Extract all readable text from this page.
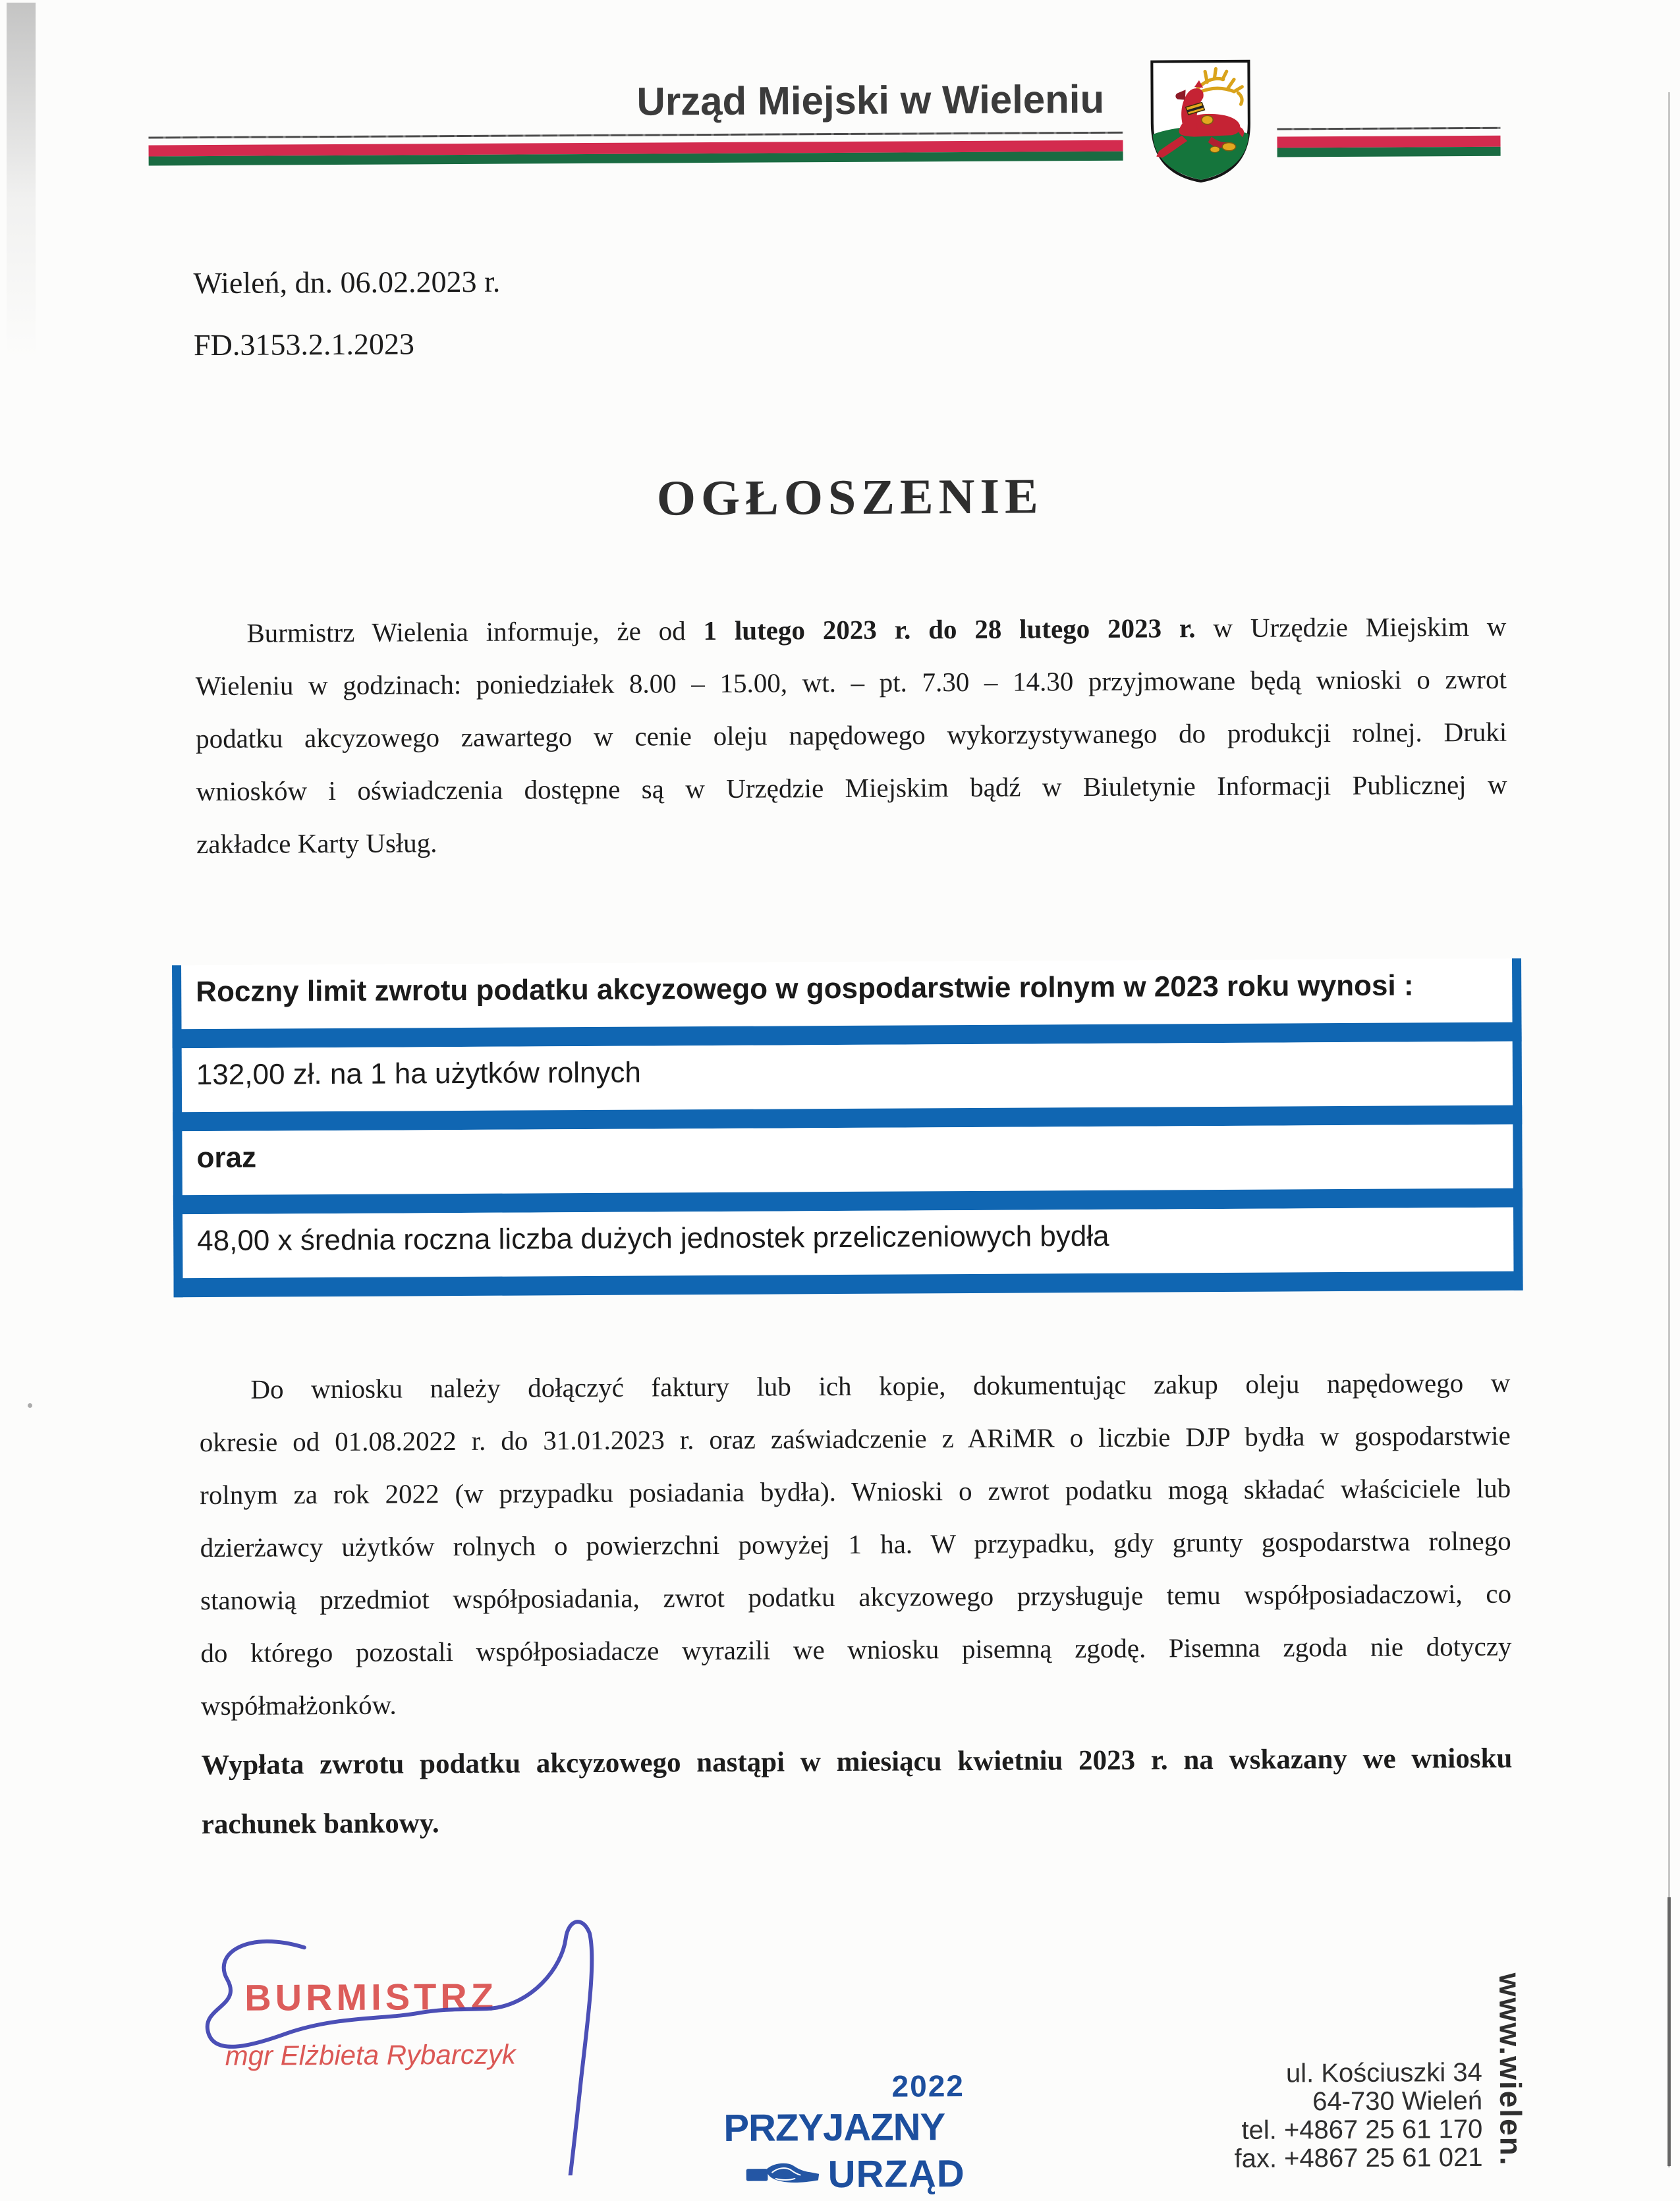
Urząd Miejski w Wieleniu
Wieleń, dn. 06.02.2023 r.
FD.3153.2.1.2023
OGŁOSZENIE
Burmistrz Wielenia informuje, że od 1 lutego 2023 r. do 28 lutego 2023 r. w Urzędzie Miejskim w
Wieleniu w godzinach: poniedziałek 8.00 – 15.00, wt. – pt. 7.30 – 14.30 przyjmowane będą wnioski o zwrot
podatku akcyzowego zawartego w cenie oleju napędowego wykorzystywanego do produkcji rolnej. Druki
wniosków i oświadczenia dostępne są w Urzędzie Miejskim bądź w Biuletynie Informacji Publicznej w
zakładce Karty Usług.
Roczny limit zwrotu podatku akcyzowego w gospodarstwie rolnym w 2023 roku wynosi :
132,00 zł. na 1 ha użytków rolnych
oraz
48,00 x średnia roczna liczba dużych jednostek przeliczeniowych bydła
Do wniosku należy dołączyć faktury lub ich kopie, dokumentując zakup oleju napędowego w
okresie od 01.08.2022 r. do 31.01.2023 r. oraz zaświadczenie z ARiMR o liczbie DJP bydła w gospodarstwie
rolnym za rok 2022 (w przypadku posiadania bydła). Wnioski o zwrot podatku mogą składać właściciele lub
dzierżawcy użytków rolnych o powierzchni powyżej 1 ha. W przypadku, gdy grunty gospodarstwa rolnego
stanowią przedmiot współposiadania, zwrot podatku akcyzowego przysługuje temu współposiadaczowi, co
do którego pozostali współposiadacze wyrazili we wniosku pisemną zgodę. Pisemna zgoda nie dotyczy
współmałżonków.
Wypłata zwrotu podatku akcyzowego nastąpi w miesiącu kwietniu 2023 r. na wskazany we wniosku
rachunek bankowy.
BURMISTRZ
mgr Elżbieta Rybarczyk
2022
PRZYJAZNY
URZĄD
ul. Kościuszki 34
64-730 Wieleń
tel. +4867 25 61 170
fax. +4867 25 61 021 www.wielen.
